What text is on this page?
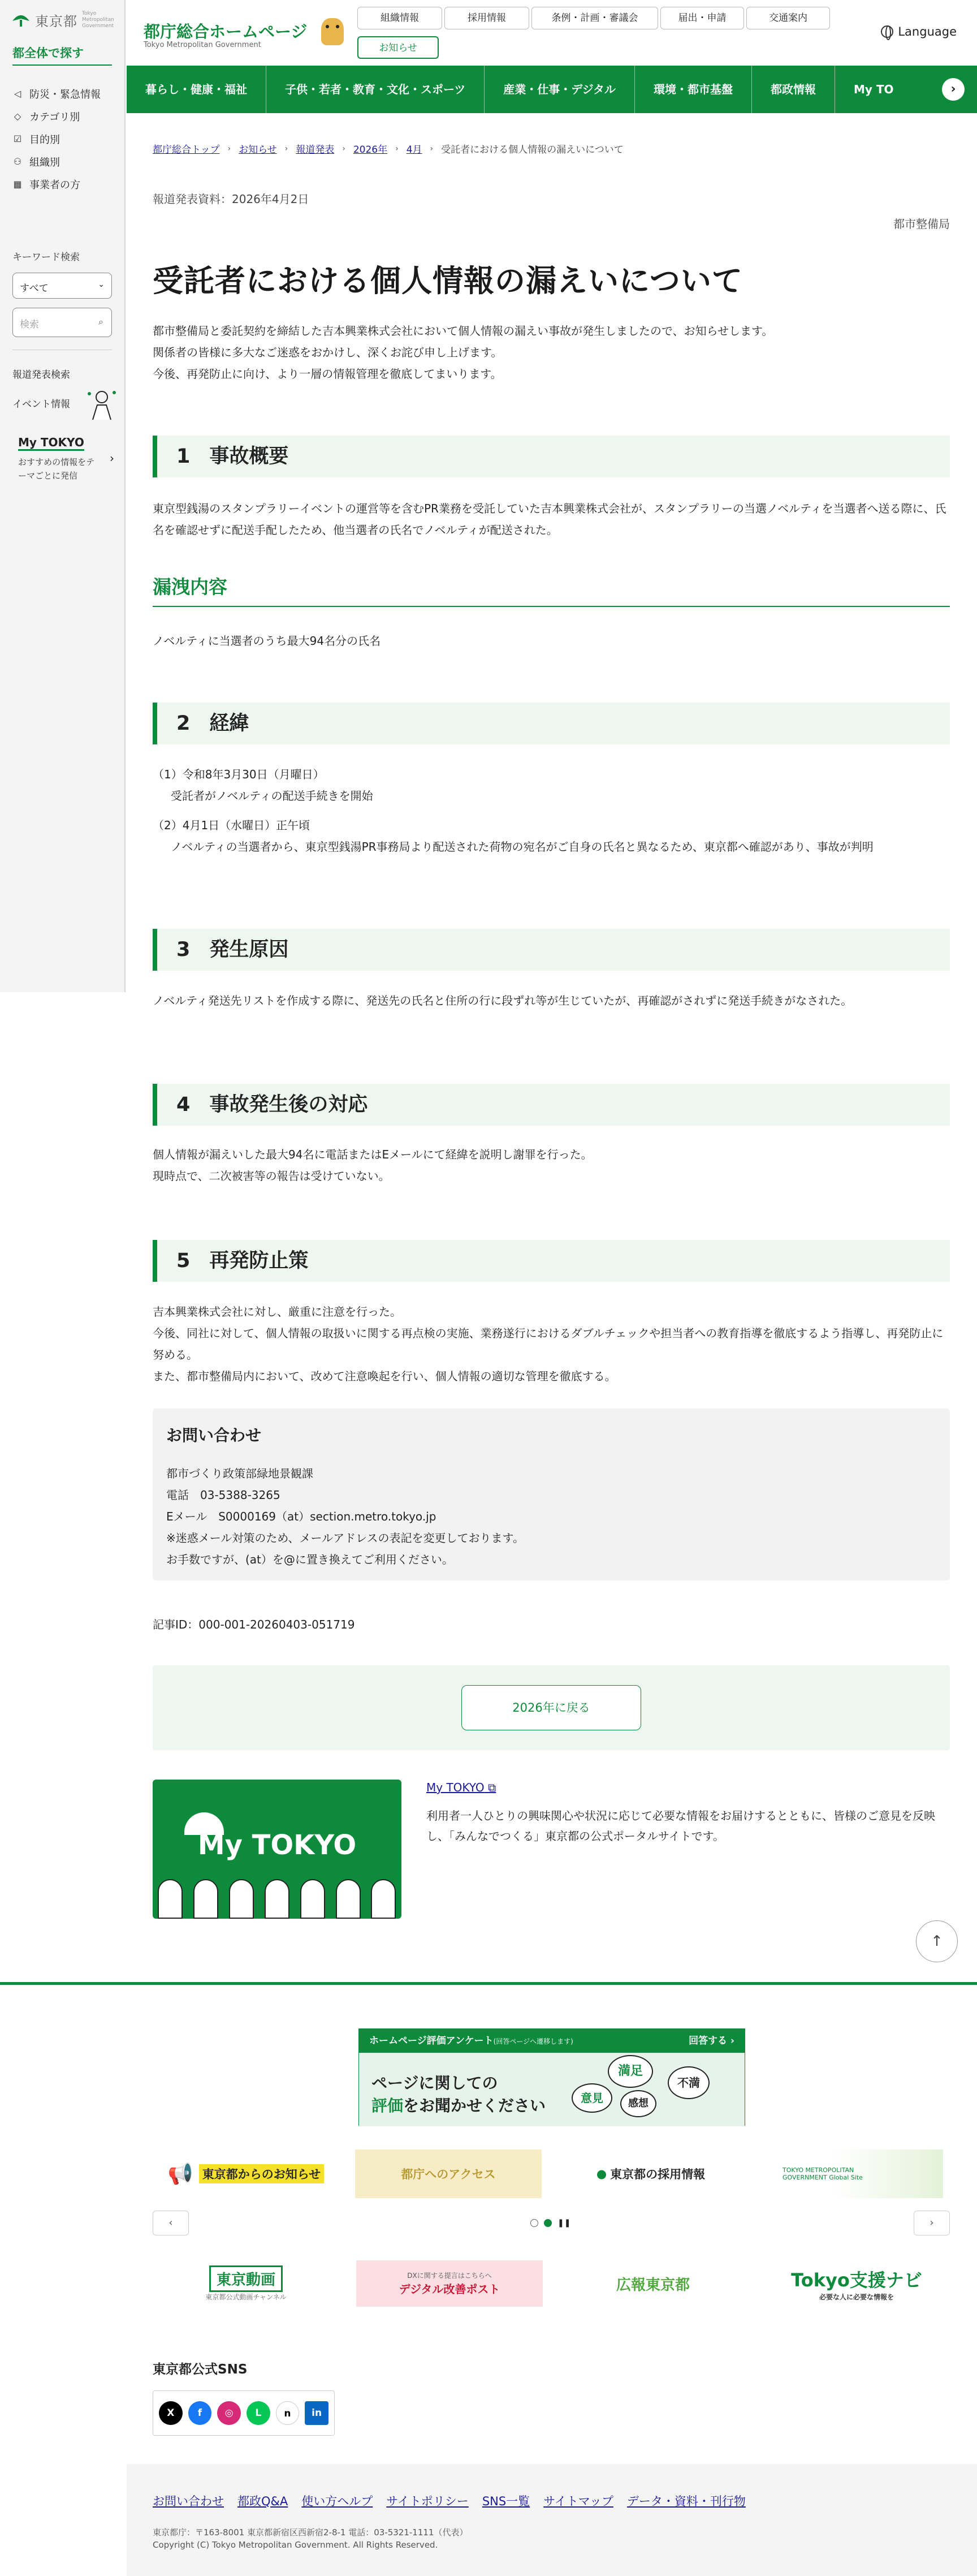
東京都 Tokyo Metropolitan Government
都全体で探す
◁ 防災・緊急情報
◇ カテゴリ別
☑ 目的別
⚇ 組織別
▦ 事業者の方
キーワード検索
すべて	⌄
検索	⌕
報道発表検索
イベント情報
My TOKYO
おすすめの情報をテーマごとに発信
›
都庁総合ホームページ
Tokyo Metropolitan Government
組織情報	採用情報	条例・計画・審議会	届出・申請	交通案内
お知らせ
Language
暮らし・健康・福祉	子供・若者・教育・文化・スポーツ	産業・仕事・デジタル	環境・都市基盤	都政情報	My TO	›
都庁総合トップ › お知らせ › 報道発表 › 2026年 › 4月 › 受託者における個人情報の漏えいについて
報道発表資料：2026年4月2日
都市整備局
受託者における個人情報の漏えいについて
都市整備局と委託契約を締結した吉本興業株式会社において個人情報の漏えい事故が発生しましたので、お知らせします。
関係者の皆様に多大なご迷惑をおかけし、深くお詫び申し上げます。
今後、再発防止に向け、より一層の情報管理を徹底してまいります。
1 事故概要
東京型銭湯のスタンプラリーイベントの運営等を含むPR業務を受託していた吉本興業株式会社が、スタンプラリーの当選ノベルティを当選者へ送る際に、氏名を確認せずに配送手配したため、他当選者の氏名でノベルティが配送された。
漏洩内容
ノベルティに当選者のうち最大94名分の氏名
2 経緯
（1）令和8年3月30日（月曜日）
受託者がノベルティの配送手続きを開始
（2）4月1日（水曜日）正午頃
ノベルティの当選者から、東京型銭湯PR事務局より配送された荷物の宛名がご自身の氏名と異なるため、東京都へ確認があり、事故が判明
3 発生原因
ノベルティ発送先リストを作成する際に、発送先の氏名と住所の行に段ずれ等が生じていたが、再確認がされずに発送手続きがなされた。
4 事故発生後の対応
個人情報が漏えいした最大94名に電話またはEメールにて経緯を説明し謝罪を行った。
現時点で、二次被害等の報告は受けていない。
5 再発防止策
吉本興業株式会社に対し、厳重に注意を行った。
今後、同社に対して、個人情報の取扱いに関する再点検の実施、業務遂行におけるダブルチェックや担当者への教育指導を徹底するよう指導し、再発防止に努める。
また、都市整備局内において、改めて注意喚起を行い、個人情報の適切な管理を徹底する。
お問い合わせ
都市づくり政策部緑地景観課
電話　03-5388-3265
Eメール　S0000169（at）section.metro.tokyo.jp
※迷惑メール対策のため、メールアドレスの表記を変更しております。
お手数ですが、(at）を@に置き換えてご利用ください。
記事ID：000-001-20260403-051719
2026年に戻る
My TOKYO
My TOKYO ⧉
利用者一人ひとりの興味関心や状況に応じて必要な情報をお届けするとともに、皆様のご意見を反映し、「みんなでつくる」東京都の公式ポータルサイトです。
↑
ホームページ評価アンケート(回答ページへ遷移します)	回答する ›
ページに関しての
評価をお聞かせください
満足
意見	感想
不満
📢 東京都からのお知らせ	都庁へのアクセス	● 東京都の採用情報	TOKYO METROPOLITAN GOVERNMENT Global Site
‹	❚❚	›
東京動画
東京都公式動画チャンネル
DXに関する提言はこちらへ
デジタル改善ポスト	広報東京都	Tokyo支援ナビ
必要な人に必要な情報を
東京都公式SNS
X	f	◎	L	n	in
お問い合わせ 都政Q&A 使い方ヘルプ サイトポリシー SNS一覧 サイトマップ データ・資料・刊行物
東京都庁：〒163-8001 東京都新宿区西新宿2-8-1 電話：03-5321-1111（代表）
Copyright (C) Tokyo Metropolitan Government. All Rights Reserved.
